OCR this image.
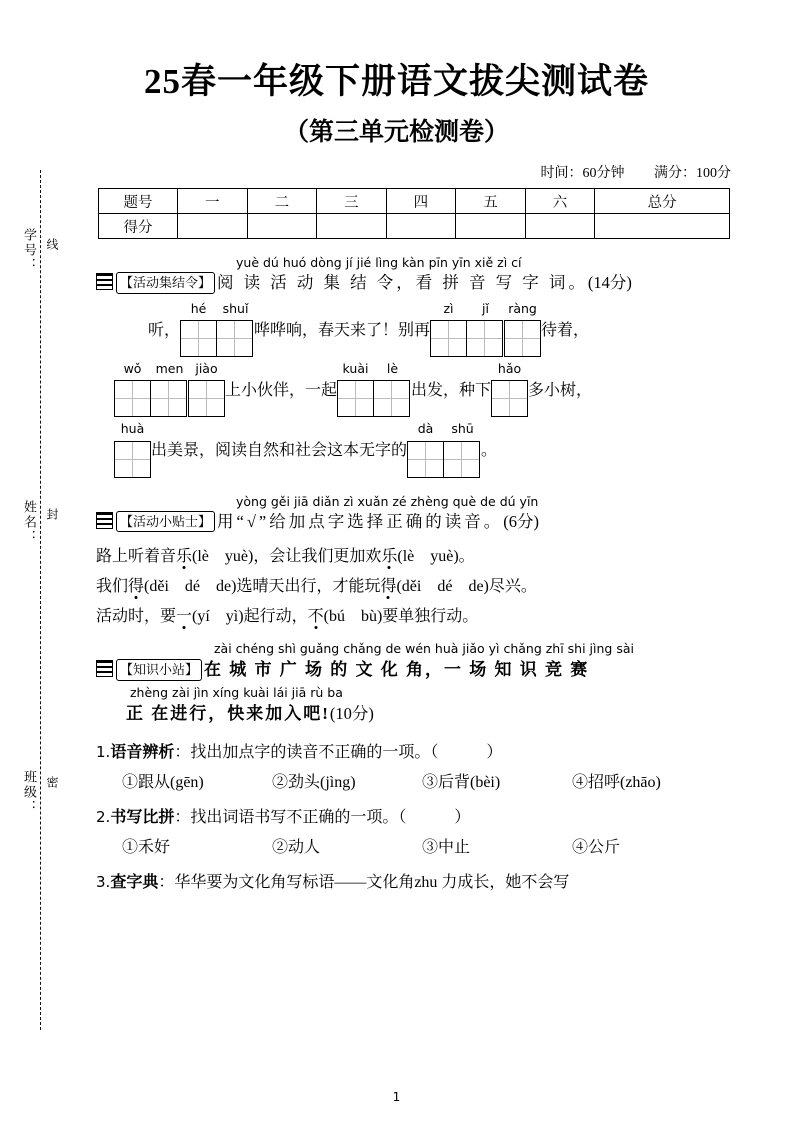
学号： 线
姓名： 封
班级： 密
25春一年级下册语文拔尖测试卷
（第三单元检测卷）
时间：60分钟 满分：100分
题号	一	二	三	四	五	六	总分
得分							
yuè dú huó dòng jí jié lìng kàn pīn yīn xiě zì cí
【活动集结令】 阅 读 活 动 集 结 令，看 拼 音 写 字 词。(14分)
听，
hé shuǐ
哗哗响，春天来了！别再
zì jǐ	ràng
待着，
wǒ men jiào
上小伙伴，一起
kuài lè
出发，种下
hǎo
多小树，
huà
出美景，阅读自然和社会这本无字的
dà shū
。
yòng gěi jiā diǎn zì xuǎn zé zhèng què de dú yīn
【活动小贴士】 用“√”给加点字选择正确的读音。(6分)
路上听着音乐(lè　yuè)，会让我们更加欢乐(lè　yuè)。
我们得(děi　dé　de)选晴天出行，才能玩得(děi　dé　de)尽兴。
活动时，要一(yí　yì)起行动，不(bú　bù)要单独行动。
zài chéng shì guǎng chǎng de wén huà jiǎo yì chǎng zhī shi jìng sài
【知识小站】 在 城 市 广 场 的 文 化 角，一 场 知 识 竞 赛
zhèng zài jìn xíng kuài lái jiā rù ba
正 在进行，快来加入吧!(10分)
1.语音辨析：找出加点字的读音不正确的一项。（　　　）
①跟从(gēn)	②劲头(jìng)	③后背(bèi)	④招呼(zhāo)
2.书写比拼：找出词语书写不正确的一项。（　　　）
①禾好	②动人	③中止	④公斤
3.查字典：华华要为文化角写标语——文化角zhu 力成长，她不会写
1
